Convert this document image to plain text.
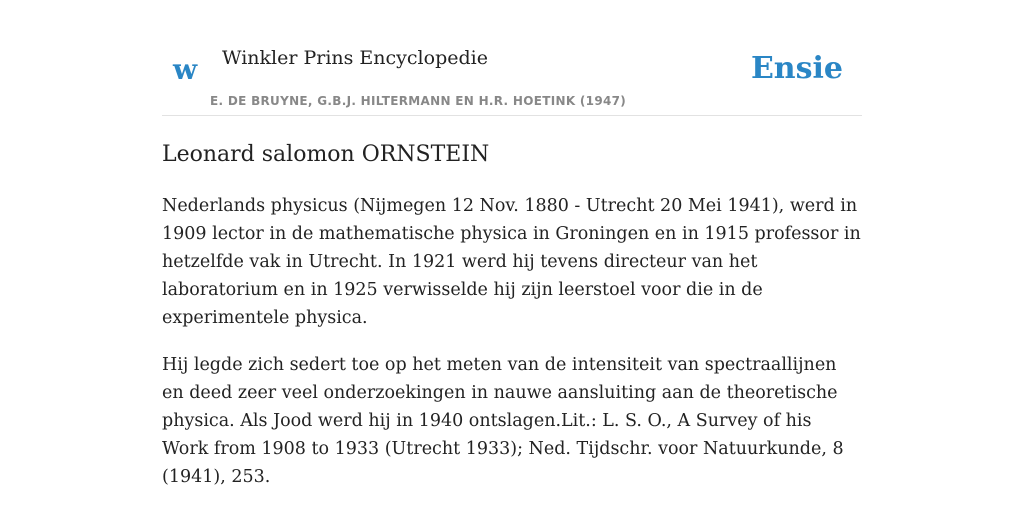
w Winkler Prins Encyclopedie
E. DE BRUYNE, G.B.J. HILTERMANN EN H.R. HOETINK (1947)
Ensie
Leonard salomon ORNSTEIN

Nederlands physicus (Nijmegen 12 Nov. 1880 - Utrecht 20 Mei 1941), werd in 1909 lector in de mathematische physica in Groningen en in 1915 professor in hetzelfde vak in Utrecht. In 1921 werd hij tevens directeur van het laboratorium en in 1925 verwisselde hij zijn leerstoel voor die in de experimentele physica.

Hij legde zich sedert toe op het meten van de intensiteit van spectraallijnen en deed zeer veel onderzoekingen in nauwe aansluiting aan de theoretische physica. Als Jood werd hij in 1940 ontslagen.Lit.: L. S. O., A Survey of his Work from 1908 to 1933 (Utrecht 1933); Ned. Tijdschr. voor Natuurkunde, 8 (1941), 253.
